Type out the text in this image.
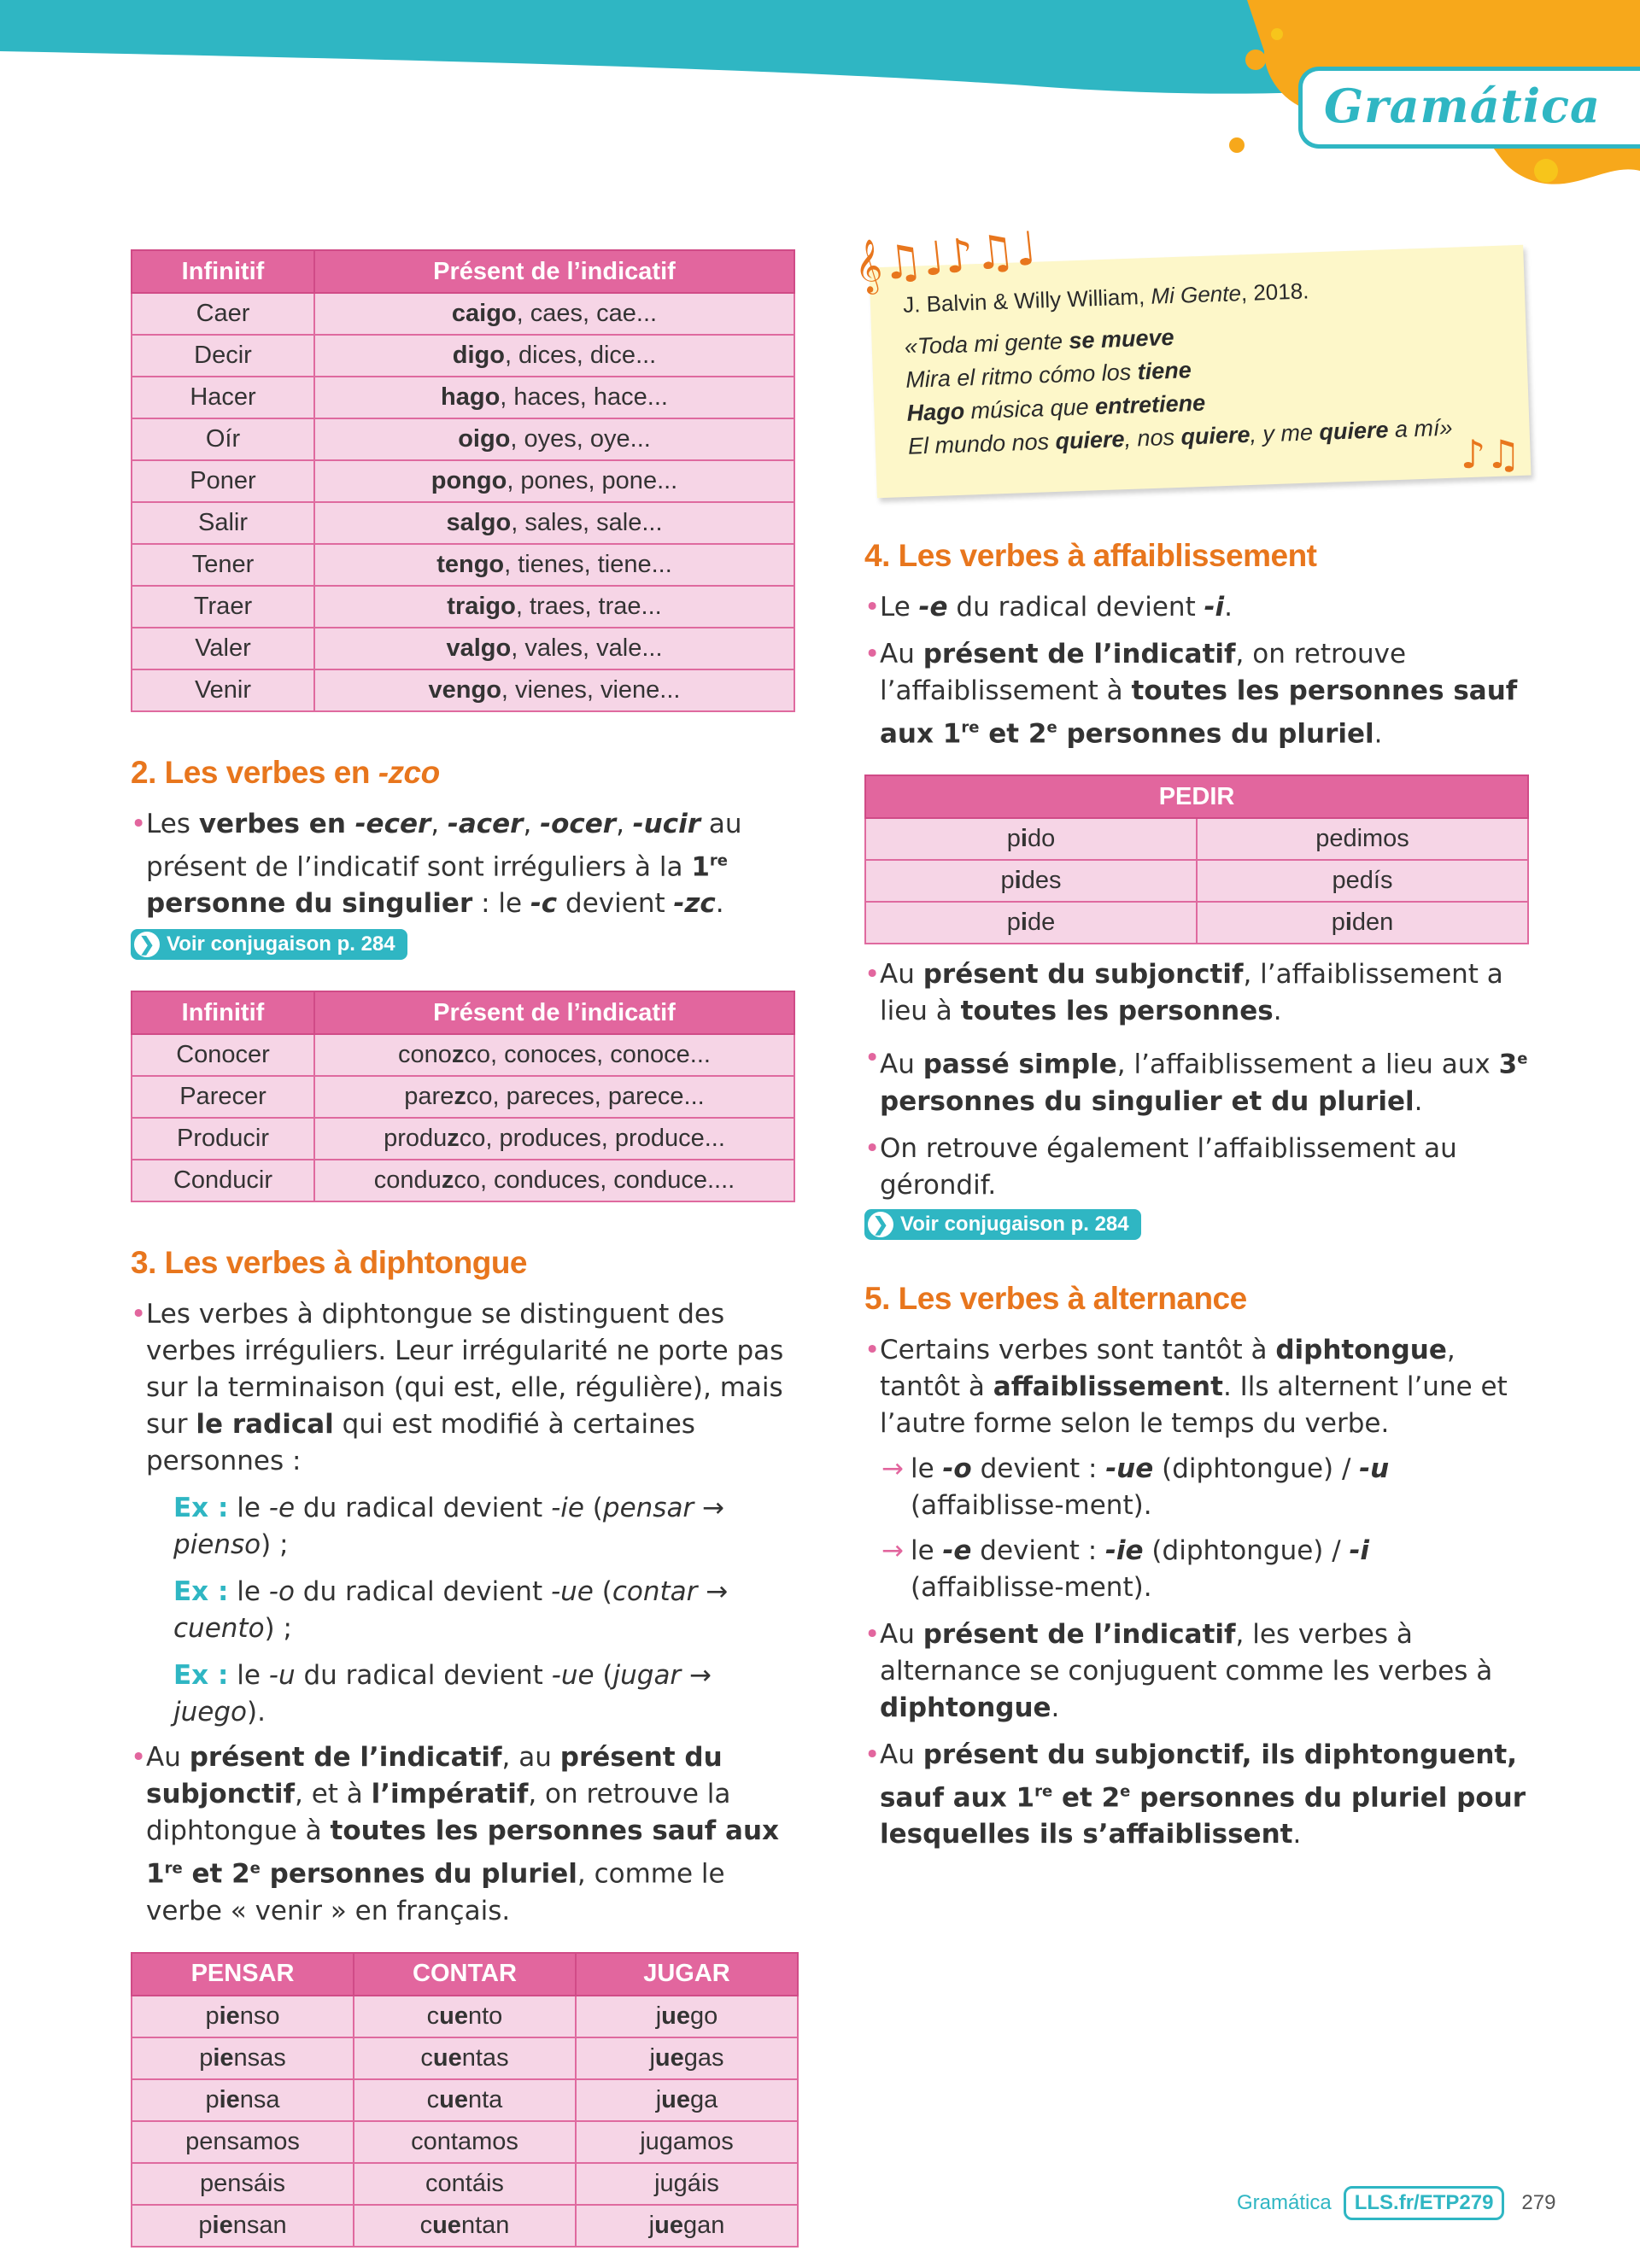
Gramática
Infinitif	Présent de l’indicatif
Caer	caigo, caes, cae...
Decir	digo, dices, dice...
Hacer	hago, haces, hace...
Oír	oigo, oyes, oye...
Poner	pongo, pones, pone...
Salir	salgo, sales, sale...
Tener	tengo, tienes, tiene...
Traer	traigo, traes, trae...
Valer	valgo, vales, vale...
Venir	vengo, vienes, viene...
2. Les verbes en -zco
• Les verbes en -ecer, -acer, -ocer, -ucir au présent de l’indicatif sont irréguliers à la 1re personne du singulier : le -c devient -zc.
❯ Voir conjugaison p. 284
Infinitif	Présent de l’indicatif
Conocer	conozco, conoces, conoce...
Parecer	parezco, pareces, parece...
Producir	produzco, produces, produce...
Conducir	conduzco, conduces, conduce....
3. Les verbes à diphtongue
• Les verbes à diphtongue se distinguent des verbes irréguliers. Leur irrégularité ne porte pas sur la terminaison (qui est, elle, régulière), mais sur le radical qui est modifié à certaines personnes :
Ex : le -e du radical devient -ie (pensar → pienso) ;
Ex : le -o du radical devient -ue (contar → cuento) ;
Ex : le -u du radical devient -ue (jugar → juego).
• Au présent de l’indicatif, au présent du subjonctif, et à l’impératif, on retrouve la diphtongue à toutes les personnes sauf aux 1re et 2e personnes du pluriel, comme le verbe « venir » en français.
PENSAR	CONTAR	JUGAR
pienso	cuento	juego
piensas	cuentas	juegas
piensa	cuenta	juega
pensamos	contamos	jugamos
pensáis	contáis	jugáis
piensan	cuentan	juegan
𝄞♫♩♪♫♩
♪♫
J. Balvin & Willy William, Mi Gente, 2018.
«Toda mi gente se mueve
Mira el ritmo cómo los tiene
Hago música que entretiene
El mundo nos quiere, nos quiere, y me quiere a mí»
4. Les verbes à affaiblissement
• Le -e du radical devient -i.
• Au présent de l’indicatif, on retrouve l’affaiblissement à toutes les personnes sauf aux 1re et 2e personnes du pluriel.
PEDIR	
pido	pedimos
pides	pedís
pide	piden
• Au présent du subjonctif, l’affaiblissement a lieu à toutes les personnes.
• Au passé simple, l’affaiblissement a lieu aux 3e personnes du singulier et du pluriel.
• On retrouve également l’affaiblissement au gérondif.
❯ Voir conjugaison p. 284
5. Les verbes à alternance
• Certains verbes sont tantôt à diphtongue, tantôt à affaiblissement. Ils alternent l’une et l’autre forme selon le temps du verbe.
→ le -o devient : -ue (diphtongue) / -u (affaiblisse-ment).
→ le -e devient : -ie (diphtongue) / -i (affaiblisse-ment).
• Au présent de l’indicatif, les verbes à alternance se conjuguent comme les verbes à diphtongue.
• Au présent du subjonctif, ils diphtonguent, sauf aux 1re et 2e personnes du pluriel pour lesquelles ils s’affaiblissent.
Gramática	LLS.fr/ETP279	279
